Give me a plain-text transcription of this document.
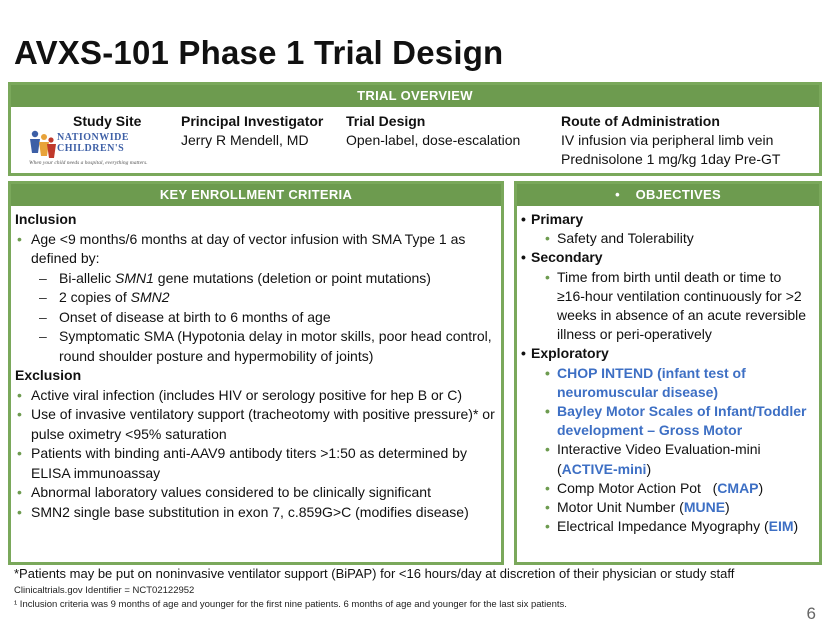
AVXS-101 Phase 1 Trial Design
TRIAL OVERVIEW
Study Site
NATIONWIDE
CHILDREN'S
When your child needs a hospital, everything matters.
Principal Investigator
Jerry R Mendell, MD
Trial Design
Open-label, dose-escalation
Route of Administration
IV infusion via peripheral limb vein
Prednisolone 1 mg/kg 1day Pre-GT
KEY ENROLLMENT CRITERIA
Inclusion
• Age <9 months/6 months at day of vector infusion with SMA Type 1 as defined by:
– Bi-allelic SMN1 gene mutations (deletion or point mutations)
– 2 copies of SMN2
– Onset of disease at birth to 6 months of age
– Symptomatic SMA (Hypotonia delay in motor skills, poor head control, round shoulder posture and hypermobility of joints)
Exclusion
• Active viral infection (includes HIV or serology positive for hep B or C)
• Use of invasive ventilatory support (tracheotomy with positive pressure)* or pulse oximetry <95% saturation
• Patients with binding anti-AAV9 antibody titers >1:50 as determined by ELISA immunoassay
• Abnormal laboratory values considered to be clinically significant
• SMN2 single base substitution in exon 7, c.859G>C (modifies disease)
•    OBJECTIVES
• Primary
• Safety and Tolerability
• Secondary
• Time from birth until death or time to ≥16-hour ventilation continuously for >2 weeks in absence of an acute reversible illness or peri-operatively
• Exploratory
• CHOP INTEND (infant test of neuromuscular disease)
• Bayley Motor Scales of Infant/Toddler development – Gross Motor
• Interactive Video Evaluation-mini (ACTIVE-mini)
• Comp Motor Action Pot   (CMAP)
• Motor Unit Number (MUNE)
• Electrical Impedance Myography (EIM)
*Patients may be put on noninvasive ventilator support (BiPAP) for <16 hours/day at discretion of their physician or study staff
Clinicaltrials.gov Identifier = NCT02122952
¹ Inclusion criteria was 9 months of age and younger for the first nine patients. 6 months of age and younger for the last six patients.	6
